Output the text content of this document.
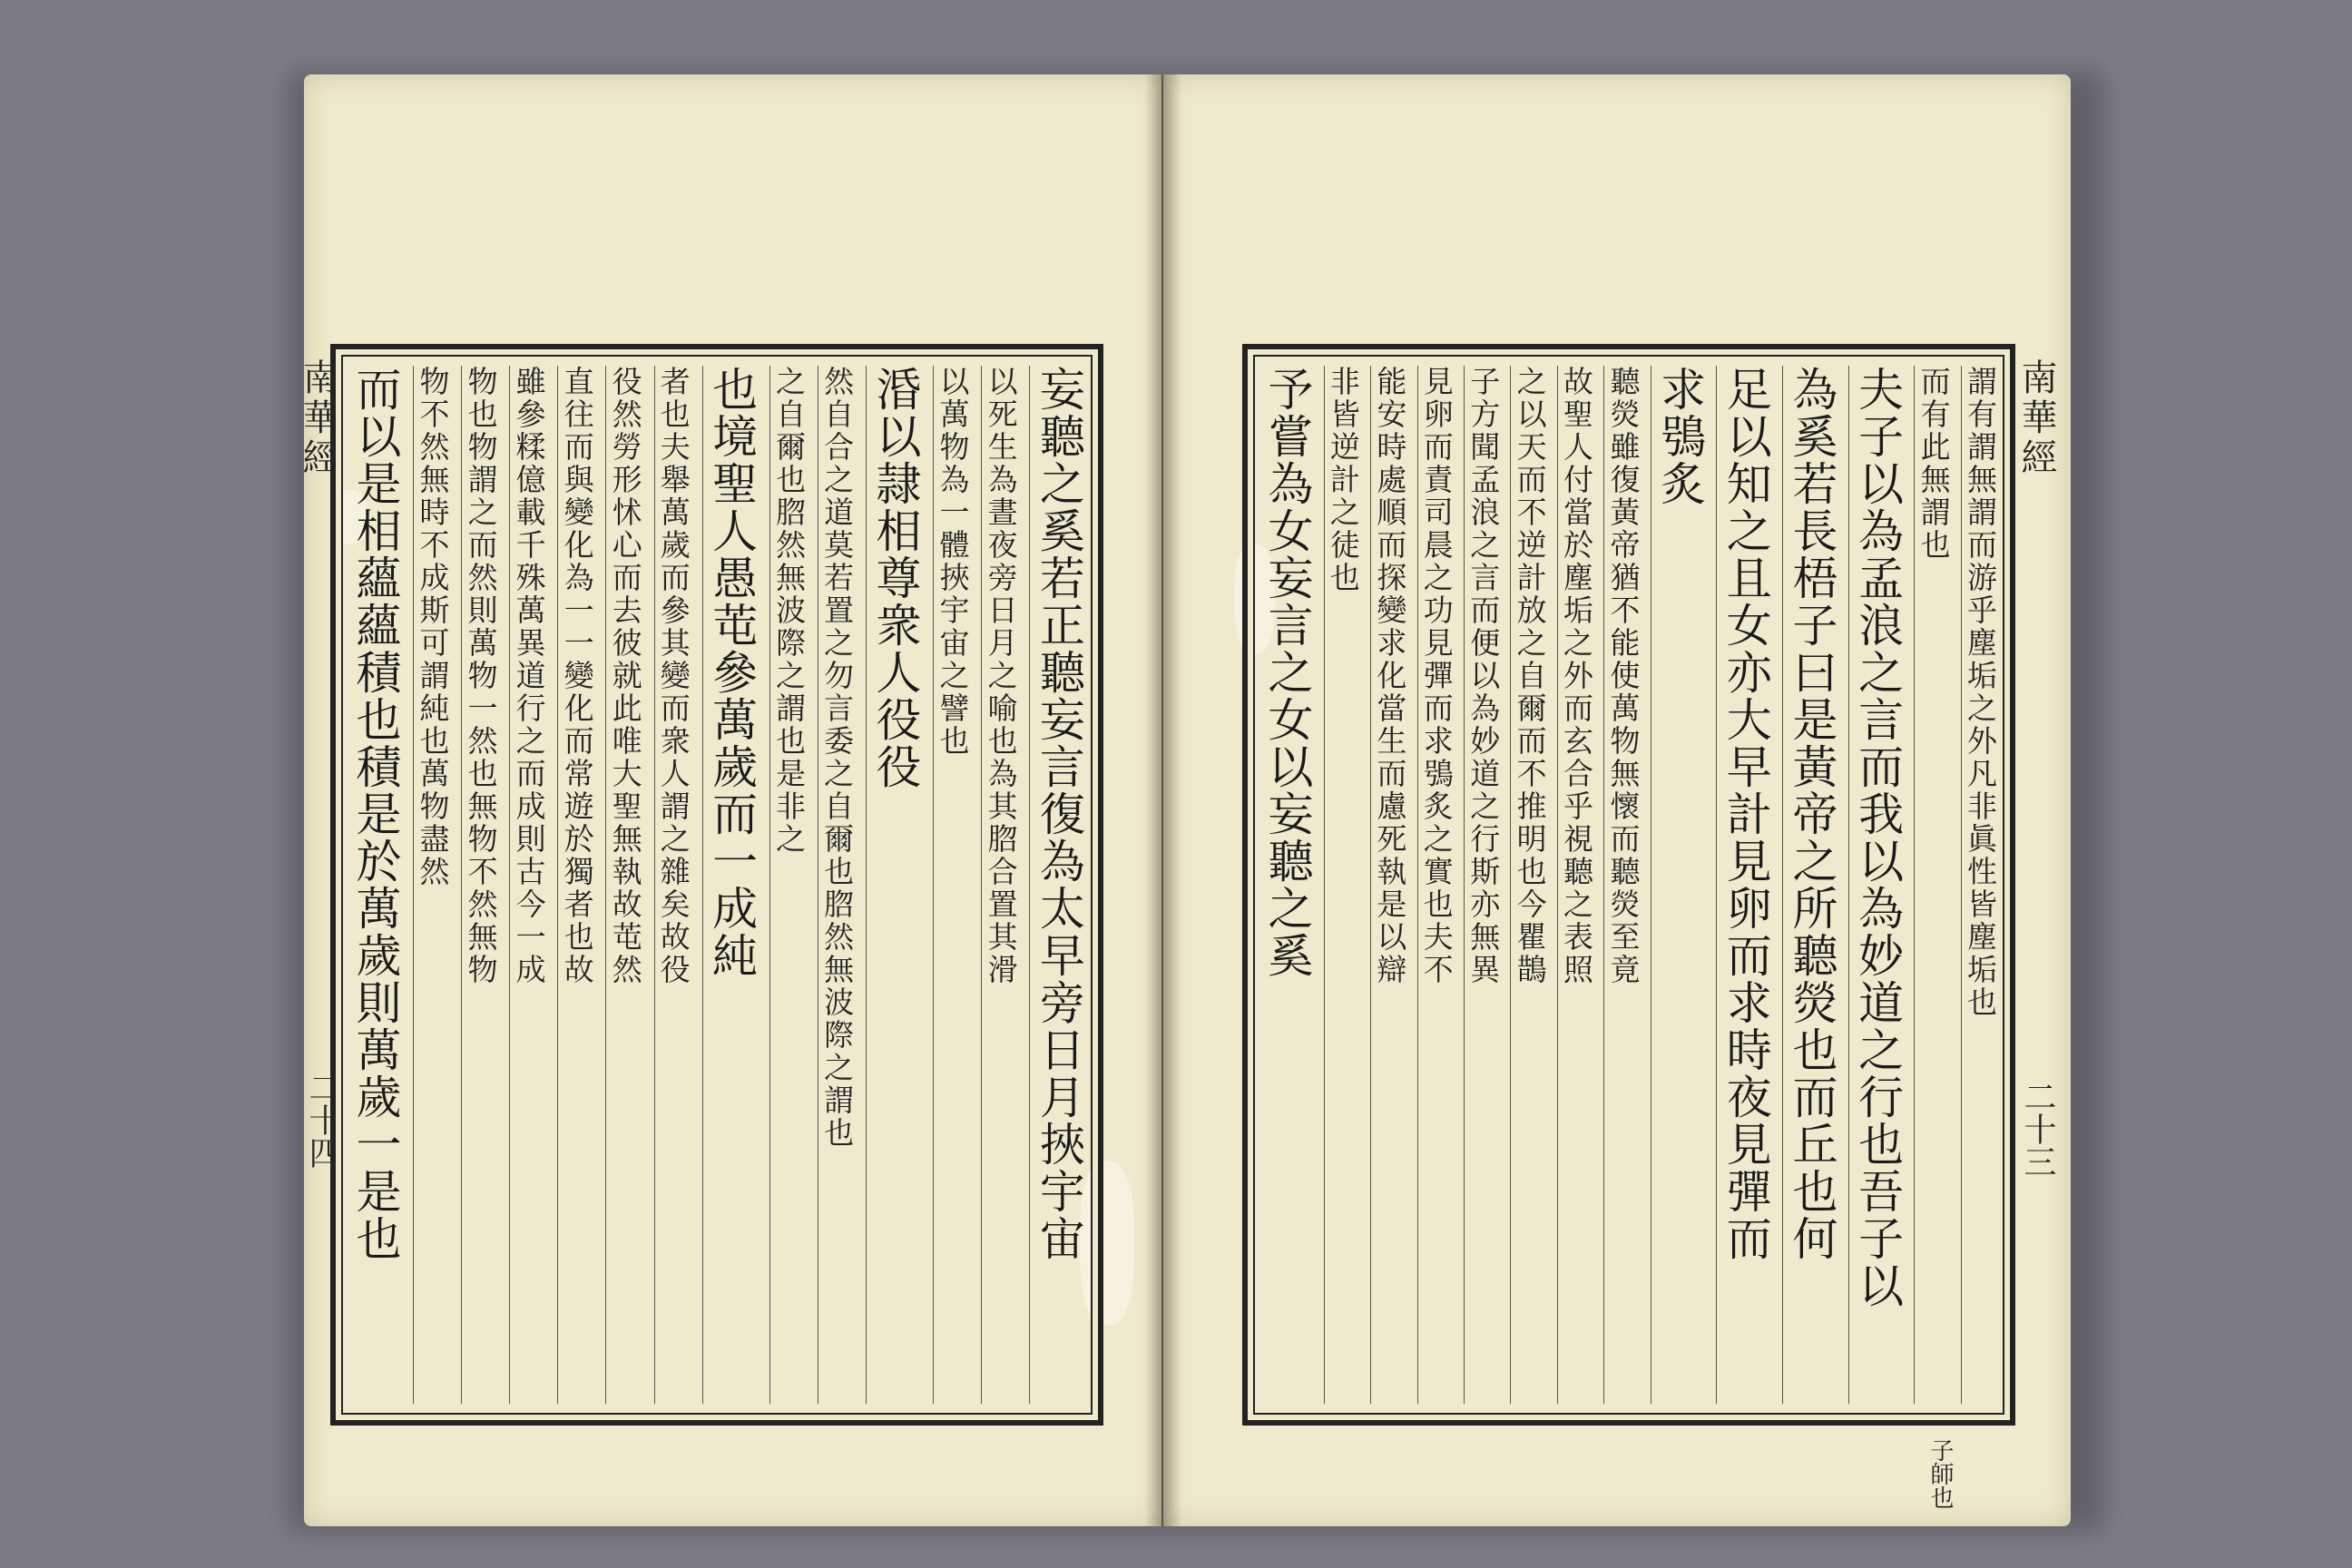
南華經
二十四	妄聽之奚若正聽妄言復為太早旁日月挾宇宙
以死生為晝夜旁日月之喻也為其脗合置其滑
以萬物為一體挾宇宙之譬也
涽以隷相尊衆人役役
然自合之道莫若置之勿言委之自爾也脗然無波際之謂也
之自爾也脗然無波際之謂也是非之
也境聖人愚芚參萬歲而一成純
者也夫舉萬歲而參其變而衆人謂之雜矣故役
役然勞形怵心而去彼就此唯大聖無執故芚然
直往而與變化為一一變化而常遊於獨者也故
雖參糅億載千殊萬異道行之而成則古今一成
物也物謂之而然則萬物一然也無物不然無物
物不然無時不成斯可謂純也萬物盡然
而以是相蘊蘊積也積是於萬歲則萬歲一是也	南華經
二十三
子師也
謂有謂無謂而游乎塵垢之外凡非眞性皆塵垢也
而有此無謂也
夫子以為孟浪之言而我以為妙道之行也吾子以
為奚若長梧子曰是黃帝之所聽熒也而丘也何
足以知之且女亦大早計見卵而求時夜見彈而
求鴞炙
聽熒雖復黃帝猶不能使萬物無懷而聽熒至竟
故聖人付當於塵垢之外而玄合乎視聽之表照
之以天而不逆計放之自爾而不推明也今瞿鵲
子方聞孟浪之言而便以為妙道之行斯亦無異
見卵而責司晨之功見彈而求鴞炙之實也夫不
能安時處順而探變求化當生而慮死執是以辯
非皆逆計之徒也
予嘗為女妄言之女以妄聽之奚
